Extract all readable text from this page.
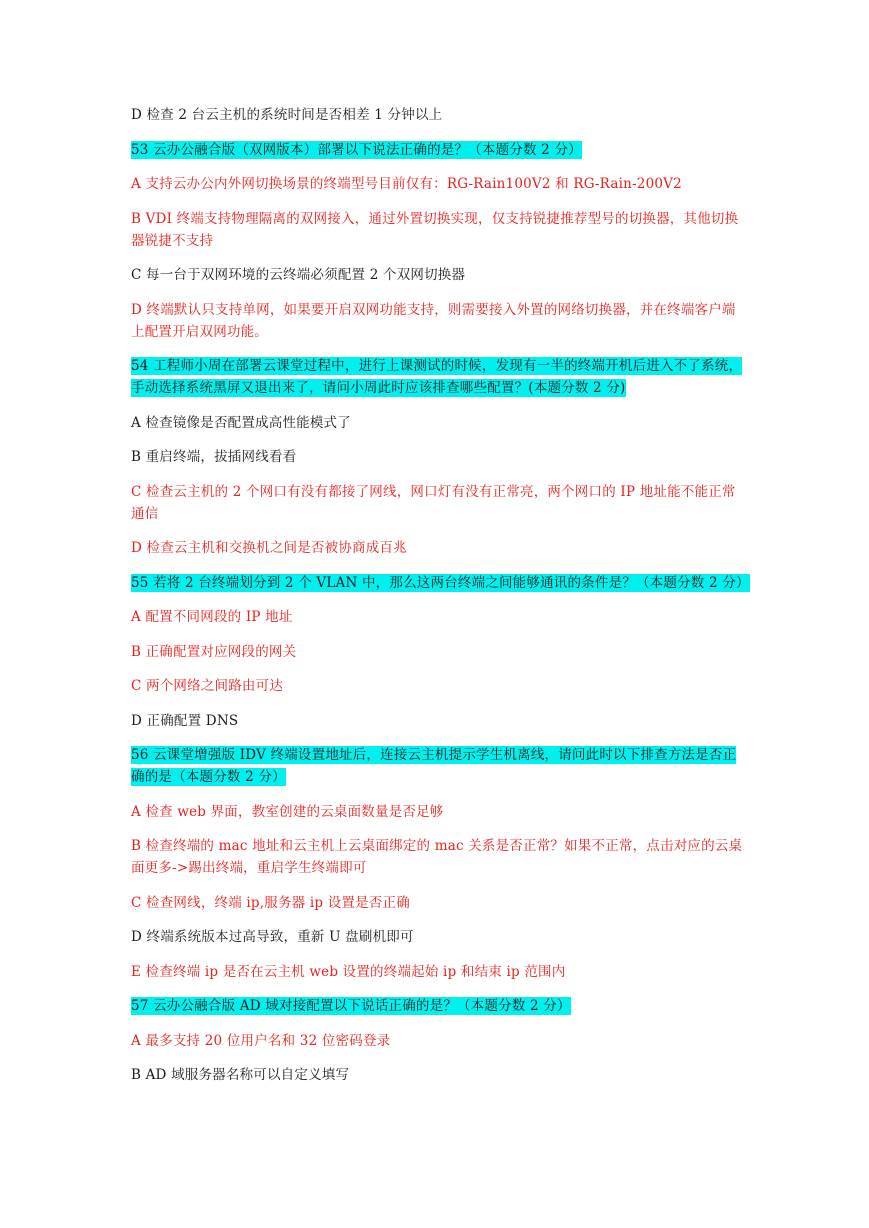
D 检查 2 台云主机的系统时间是否相差 1 分钟以上

53 云办公融合版（双网版本）部署以下说法正确的是？（本题分数 2 分）

A 支持云办公内外网切换场景的终端型号目前仅有：RG-Rain100V2 和 RG-Rain-200V2

B VDI 终端支持物理隔离的双网接入，通过外置切换实现，仅支持锐捷推荐型号的切换器，其他切换器锐捷不支持

C 每一台于双网环境的云终端必须配置 2 个双网切换器

D 终端默认只支持单网，如果要开启双网功能支持，则需要接入外置的网络切换器，并在终端客户端上配置开启双网功能。

54 工程师小周在部署云课堂过程中，进行上课测试的时候，发现有一半的终端开机后进入不了系统，手动选择系统黑屏又退出来了，请问小周此时应该排查哪些配置？(本题分数 2 分)

A 检查镜像是否配置成高性能模式了

B 重启终端，拔插网线看看

C 检查云主机的 2 个网口有没有都接了网线，网口灯有没有正常亮，两个网口的 IP 地址能不能正常通信

D 检查云主机和交换机之间是否被协商成百兆

55 若将 2 台终端划分到 2 个 VLAN 中，那么这两台终端之间能够通讯的条件是？（本题分数 2 分）

A 配置不同网段的 IP 地址

B 正确配置对应网段的网关

C 两个网络之间路由可达

D 正确配置 DNS

56 云课堂增强版 IDV 终端设置地址后，连接云主机提示学生机离线，请问此时以下排查方法是否正确的是（本题分数 2 分）

A 检查 web 界面，教室创建的云桌面数量是否足够

B 检查终端的 mac 地址和云主机上云桌面绑定的 mac 关系是否正常？如果不正常，点击对应的云桌面更多->踢出终端，重启学生终端即可

C 检查网线，终端 ip,服务器 ip 设置是否正确

D 终端系统版本过高导致，重新 U 盘刷机即可

E 检查终端 ip 是否在云主机 web 设置的终端起始 ip 和结束 ip 范围内

57 云办公融合版 AD 域对接配置以下说话正确的是？（本题分数 2 分）

A 最多支持 20 位用户名和 32 位密码登录

B AD 域服务器名称可以自定义填写
